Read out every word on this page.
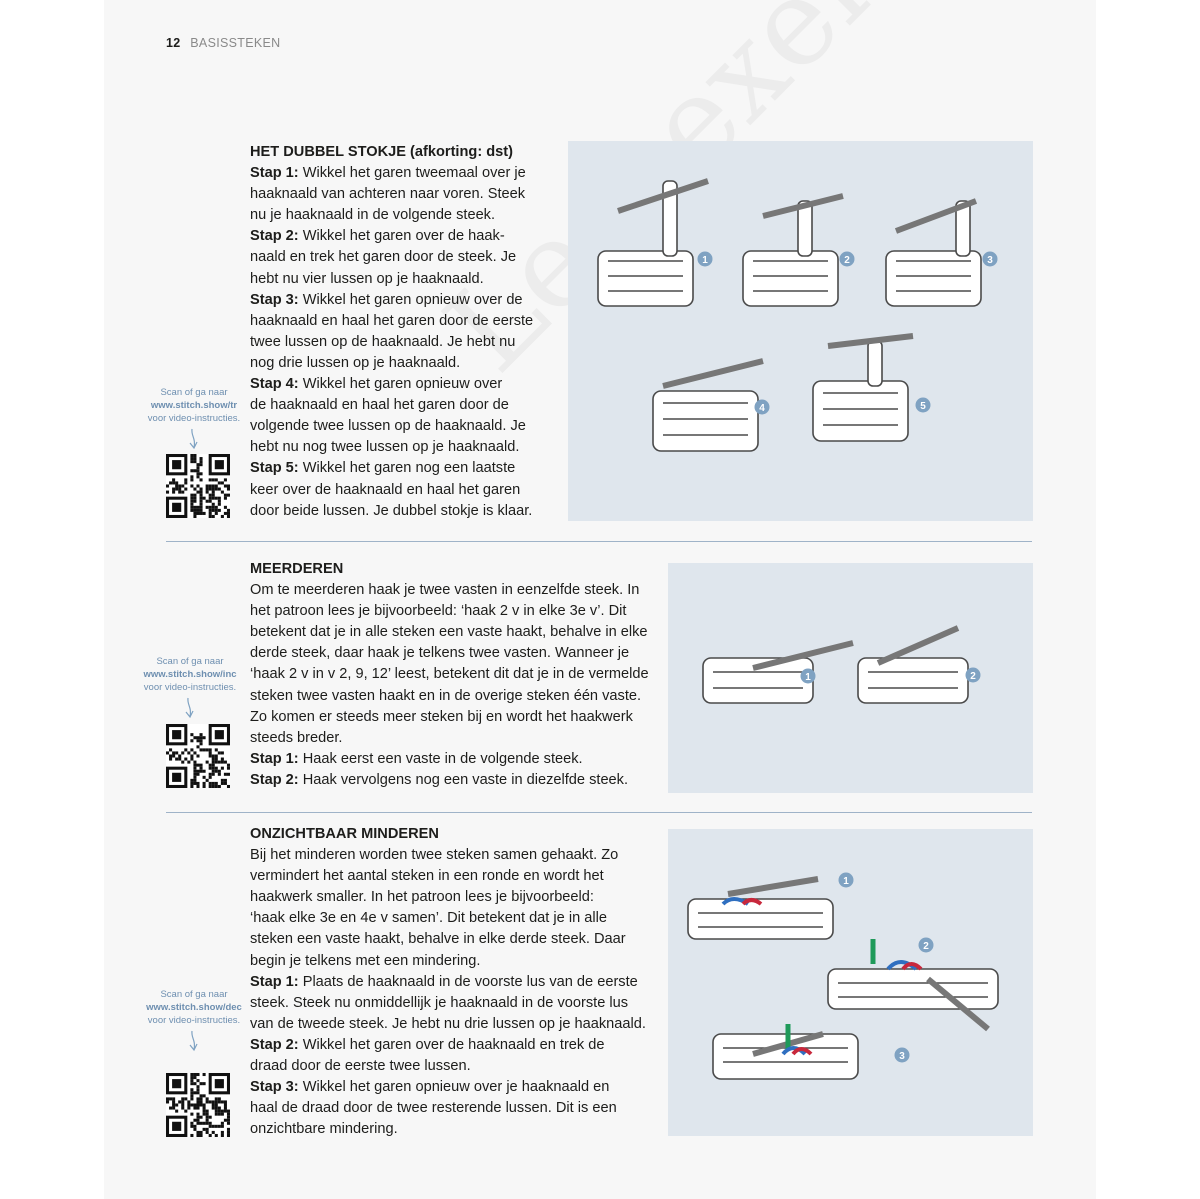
12 BASISSTEKEN
HET DUBBEL STOKJE (afkorting: dst)

Stap 1: Wikkel het garen tweemaal over je

haaknaald van achteren naar voren. Steek

nu je haaknaald in de volgende steek.

Stap 2: Wikkel het garen over de haak-

naald en trek het garen door de steek. Je

hebt nu vier lussen op je haaknaald.

Stap 3: Wikkel het garen opnieuw over de

haaknaald en haal het garen door de eerste

twee lussen op de haaknaald. Je hebt nu

nog drie lussen op je haaknaald.

Stap 4: Wikkel het garen opnieuw over

de haaknaald en haal het garen door de

volgende twee lussen op de haaknaald. Je

hebt nu nog twee lussen op je haaknaald.

Stap 5: Wikkel het garen nog een laatste

keer over de haaknaald en haal het garen

door beide lussen. Je dubbel stokje is klaar.

Scan of ga naar
www.stitch.show/tr
voor video-instructies.
1	2	3
4	5
MEERDEREN

Om te meerderen haak je twee vasten in eenzelfde steek. In

het patroon lees je bijvoorbeeld: ‘haak 2 v in elke 3e v’. Dit

betekent dat je in alle steken een vaste haakt, behalve in elke

derde steek, daar haak je telkens twee vasten. Wanneer je

‘haak 2 v in v 2, 9, 12’ leest, betekent dit dat je in de vermelde

steken twee vasten haakt en in de overige steken één vaste.

Zo komen er steeds meer steken bij en wordt het haakwerk

steeds breder.

Stap 1: Haak eerst een vaste in de volgende steek.

Stap 2: Haak vervolgens nog een vaste in diezelfde steek.

Scan of ga naar
www.stitch.show/inc
voor video-instructies.
1	2
ONZICHTBAAR MINDEREN

Bij het minderen worden twee steken samen gehaakt. Zo

vermindert het aantal steken in een ronde en wordt het

haakwerk smaller. In het patroon lees je bijvoorbeeld:

‘haak elke 3e en 4e v samen’. Dit betekent dat je in alle

steken een vaste haakt, behalve in elke derde steek. Daar

begin je telkens met een mindering.

Stap 1: Plaats de haaknaald in de voorste lus van de eerste

steek. Steek nu onmiddellijk je haaknaald in de voorste lus

van de tweede steek. Je hebt nu drie lussen op je haaknaald.

Stap 2: Wikkel het garen over de haaknaald en trek de

draad door de eerste twee lussen.

Stap 3: Wikkel het garen opnieuw over je haaknaald en

haal de draad door de twee resterende lussen. Dit is een

onzichtbare mindering.

Scan of ga naar
www.stitch.show/dec
voor video-instructies.
1
2
3
